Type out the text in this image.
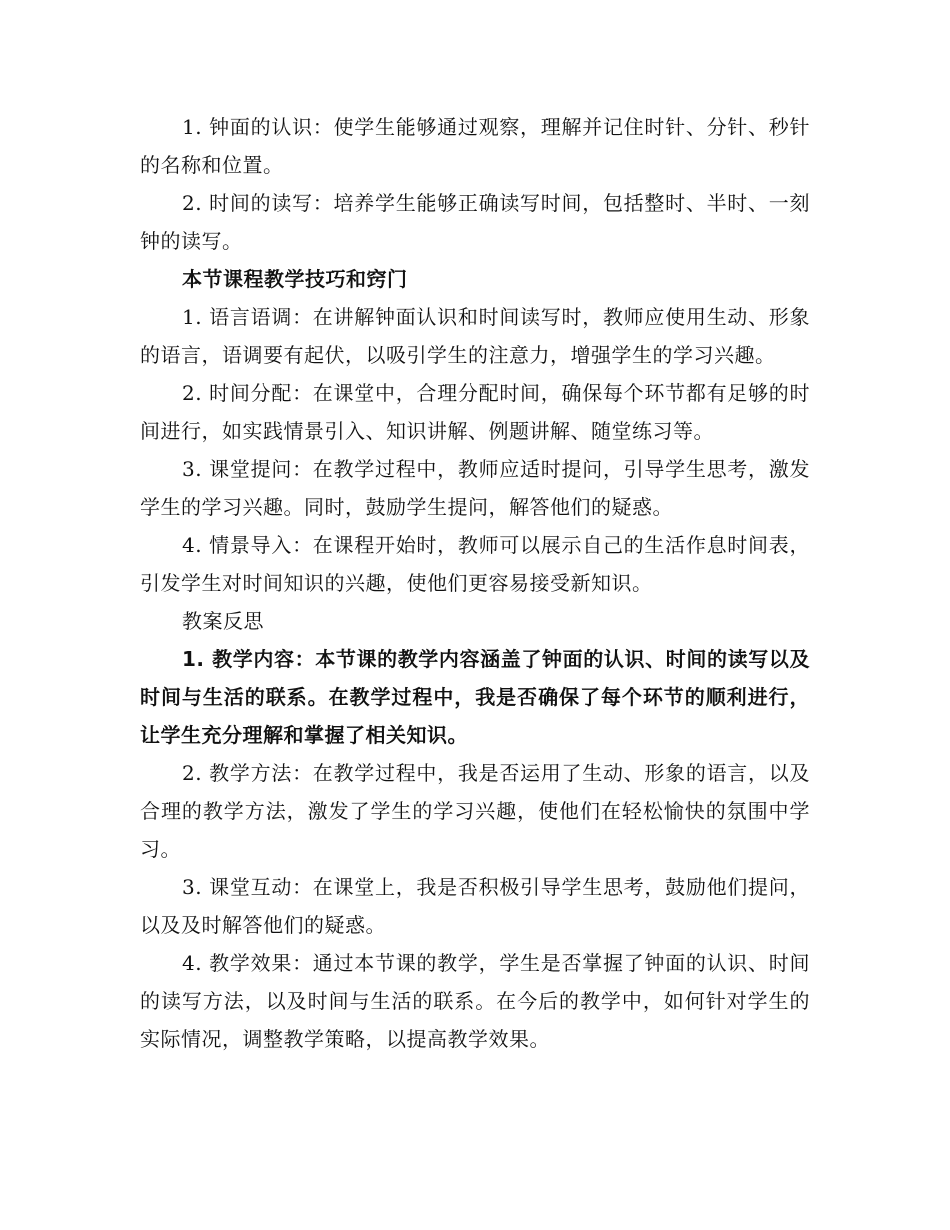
1. 钟面的认识：使学生能够通过观察，理解并记住时针、分针、秒针的名称和位置。

2. 时间的读写：培养学生能够正确读写时间，包括整时、半时、一刻钟的读写。

本节课程教学技巧和窍门

1. 语言语调：在讲解钟面认识和时间读写时，教师应使用生动、形象的语言，语调要有起伏，以吸引学生的注意力，增强学生的学习兴趣。

2. 时间分配：在课堂中，合理分配时间，确保每个环节都有足够的时间进行，如实践情景引入、知识讲解、例题讲解、随堂练习等。

3. 课堂提问：在教学过程中，教师应适时提问，引导学生思考，激发学生的学习兴趣。同时，鼓励学生提问，解答他们的疑惑。

4. 情景导入：在课程开始时，教师可以展示自己的生活作息时间表，引发学生对时间知识的兴趣，使他们更容易接受新知识。

教案反思

1. 教学内容：本节课的教学内容涵盖了钟面的认识、时间的读写以及时间与生活的联系。在教学过程中，我是否确保了每个环节的顺利进行，让学生充分理解和掌握了相关知识。

2. 教学方法：在教学过程中，我是否运用了生动、形象的语言，以及合理的教学方法，激发了学生的学习兴趣，使他们在轻松愉快的氛围中学习。

3. 课堂互动：在课堂上，我是否积极引导学生思考，鼓励他们提问，以及及时解答他们的疑惑。

4. 教学效果：通过本节课的教学，学生是否掌握了钟面的认识、时间的读写方法，以及时间与生活的联系。在今后的教学中，如何针对学生的实际情况，调整教学策略，以提高教学效果。
